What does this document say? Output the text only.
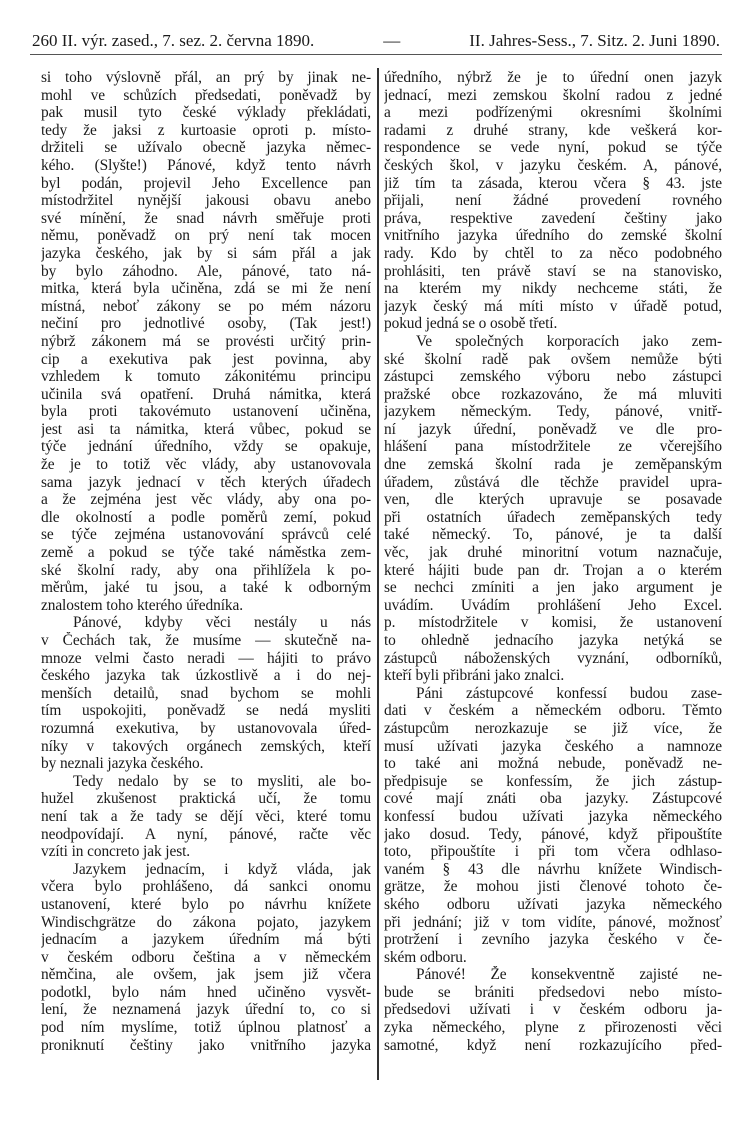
260 II. výr. zased., 7. sez. 2. června 1890.	—	II. Jahres-Sess., 7. Sitz. 2. Juni 1890.
si toho výslovně přál, an prý by jinak ne-
mohl ve schůzích předsedati, poněvadž by
pak musil tyto české výklady překládati,
tedy že jaksi z kurtoasie oproti p. místo-
držiteli se užívalo obecně jazyka němec-
kého. (Slyšte!) Pánové, když tento návrh
byl podán, projevil Jeho Excellence pan
místodržitel nynější jakousi obavu anebo
své mínění, že snad návrh směřuje proti
němu, poněvadž on prý není tak mocen
jazyka českého, jak by si sám přál a jak
by bylo záhodno. Ale, pánové, tato ná-
mitka, která byla učiněna, zdá se mi že není
místná, neboť zákony se po mém názoru
nečiní pro jednotlivé osoby, (Tak jest!)
nýbrž zákonem má se provésti určitý prin-
cip a exekutiva pak jest povinna, aby
vzhledem k tomuto zákonitému principu
učinila svá opatření. Druhá námitka, která
byla proti takovémuto ustanovení učiněna,
jest asi ta námitka, která vůbec, pokud se
týče jednání úředního, vždy se opakuje,
že je to totiž věc vlády, aby ustanovovala
sama jazyk jednací v těch kterých úřadech
a že zejména jest věc vlády, aby ona po-
dle okolností a podle poměrů zemí, pokud
se týče zejména ustanovování správců celé
země a pokud se týče také náměstka zem-
ské školní rady, aby ona přihlížela k po-
měrům, jaké tu jsou, a také k odborným
znalostem toho kterého úředníka.
Pánové, kdyby věci nestály u nás
v Čechách tak, že musíme — skutečně na-
mnoze velmi často neradi — hájiti to právo
českého jazyka tak úzkostlivě a i do nej-
menších detailů, snad bychom se mohli
tím uspokojiti, poněvadž se nedá mysliti
rozumná exekutiva, by ustanovovala úřed-
níky v takových orgánech zemských, kteří
by neznali jazyka českého.
Tedy nedalo by se to mysliti, ale bo-
hužel zkušenost praktická učí, že tomu
není tak a že tady se dějí věci, které tomu
neodpovídají. A nyní, pánové, račte věc
vzíti in concreto jak jest.
Jazykem jednacím, i když vláda, jak
včera bylo prohlášeno, dá sankci onomu
ustanovení, které bylo po návrhu knížete
Windischgrätze do zákona pojato, jazykem
jednacím a jazykem úředním má býti
v českém odboru čeština a v německém
němčina, ale ovšem, jak jsem již včera
podotkl, bylo nám hned učiněno vysvět-
lení, že neznamená jazyk úřední to, co si
pod ním myslíme, totiž úplnou platnosť a
proniknutí češtiny jako vnitřního jazyka
úředního, nýbrž že je to úřední onen jazyk
jednací, mezi zemskou školní radou z jedné
a mezi podřízenými okresními školními
radami z druhé strany, kde veškerá kor-
respondence se vede nyní, pokud se týče
českých škol, v jazyku českém. A, pánové,
již tím ta zásada, kterou včera § 43. jste
přijali, není žádné provedení rovného
práva, respektive zavedení češtiny jako
vnitřního jazyka úředního do zemské školní
rady. Kdo by chtěl to za něco podobného
prohlásiti, ten právě staví se na stanovisko,
na kterém my nikdy nechceme státi, že
jazyk český má míti místo v úřadě potud,
pokud jedná se o osobě třetí.
Ve společných korporacích jako zem-
ské školní radě pak ovšem nemůže býti
zástupci zemského výboru nebo zástupci
pražské obce rozkazováno, že má mluviti
jazykem německým. Tedy, pánové, vnitř-
ní jazyk úřední, poněvadž ve dle pro-
hlášení pana místodržitele ze včerejšího
dne zemská školní rada je zeměpanským
úřadem, zůstává dle těchže pravidel upra-
ven, dle kterých upravuje se posavade
při ostatních úřadech zeměpanských tedy
také německý. To, pánové, je ta další
věc, jak druhé minoritní votum naznačuje,
které hájiti bude pan dr. Trojan a o kterém
se nechci zmíniti a jen jako argument je
uvádím. Uvádím prohlášení Jeho Excel.
p. místodržitele v komisi, že ustanovení
to ohledně jednacího jazyka netýká se
zástupců náboženských vyznání, odborníků,
kteří byli přibráni jako znalci.
Páni zástupcové konfessí budou zase-
dati v českém a německém odboru. Těmto
zástupcům nerozkazuje se již více, že
musí užívati jazyka českého a namnoze
to také ani možná nebude, poněvadž ne-
předpisuje se konfessím, že jich zástup-
cové mají znáti oba jazyky. Zástupcové
konfessí budou užívati jazyka německého
jako dosud. Tedy, pánové, když připouštíte
toto, připouštíte i při tom včera odhlaso-
vaném § 43 dle návrhu knížete Windisch-
grätze, že mohou jisti členové tohoto če-
ského odboru užívati jazyka německého
při jednání; již v tom vidíte, pánové, možnosť
protržení i zevního jazyka českého v če-
ském odboru.
Pánové! Že konsekventně zajisté ne-
bude se brániti předsedovi nebo místo-
předsedovi užívati i v českém odboru ja-
zyka německého, plyne z přirozenosti věci
samotné, když není rozkazujícího před-
